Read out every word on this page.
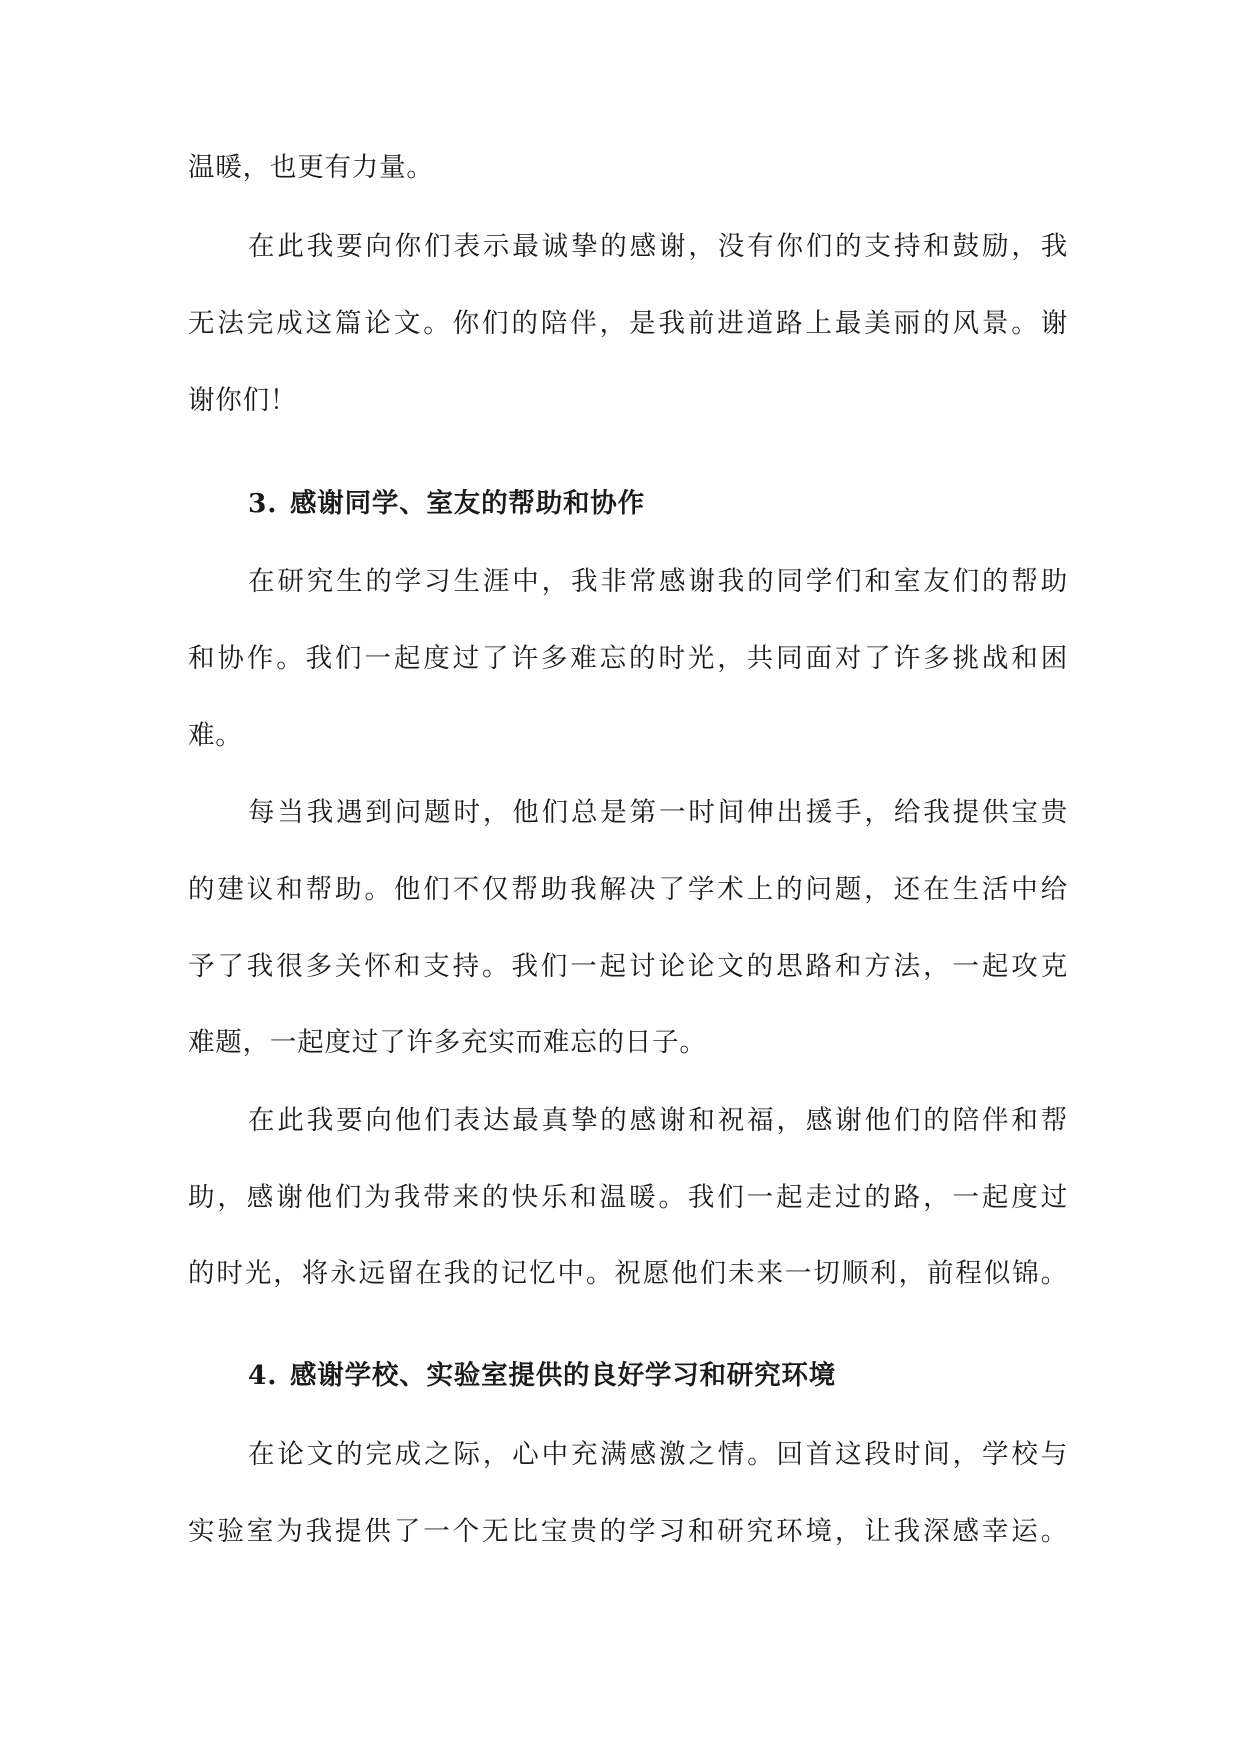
温暖，也更有力量。
在此我要向你们表示最诚挚的感谢，没有你们的支持和鼓励，我
无法完成这篇论文。你们的陪伴，是我前进道路上最美丽的风景。谢
谢你们！
3. 感谢同学、室友的帮助和协作
在研究生的学习生涯中，我非常感谢我的同学们和室友们的帮助
和协作。我们一起度过了许多难忘的时光，共同面对了许多挑战和困
难。
每当我遇到问题时，他们总是第一时间伸出援手，给我提供宝贵
的建议和帮助。他们不仅帮助我解决了学术上的问题，还在生活中给
予了我很多关怀和支持。我们一起讨论论文的思路和方法，一起攻克
难题，一起度过了许多充实而难忘的日子。
在此我要向他们表达最真挚的感谢和祝福，感谢他们的陪伴和帮
助，感谢他们为我带来的快乐和温暖。我们一起走过的路，一起度过
的时光，将永远留在我的记忆中。祝愿他们未来一切顺利，前程似锦。
4. 感谢学校、实验室提供的良好学习和研究环境
在论文的完成之际，心中充满感激之情。回首这段时间，学校与
实验室为我提供了一个无比宝贵的学习和研究环境，让我深感幸运。
